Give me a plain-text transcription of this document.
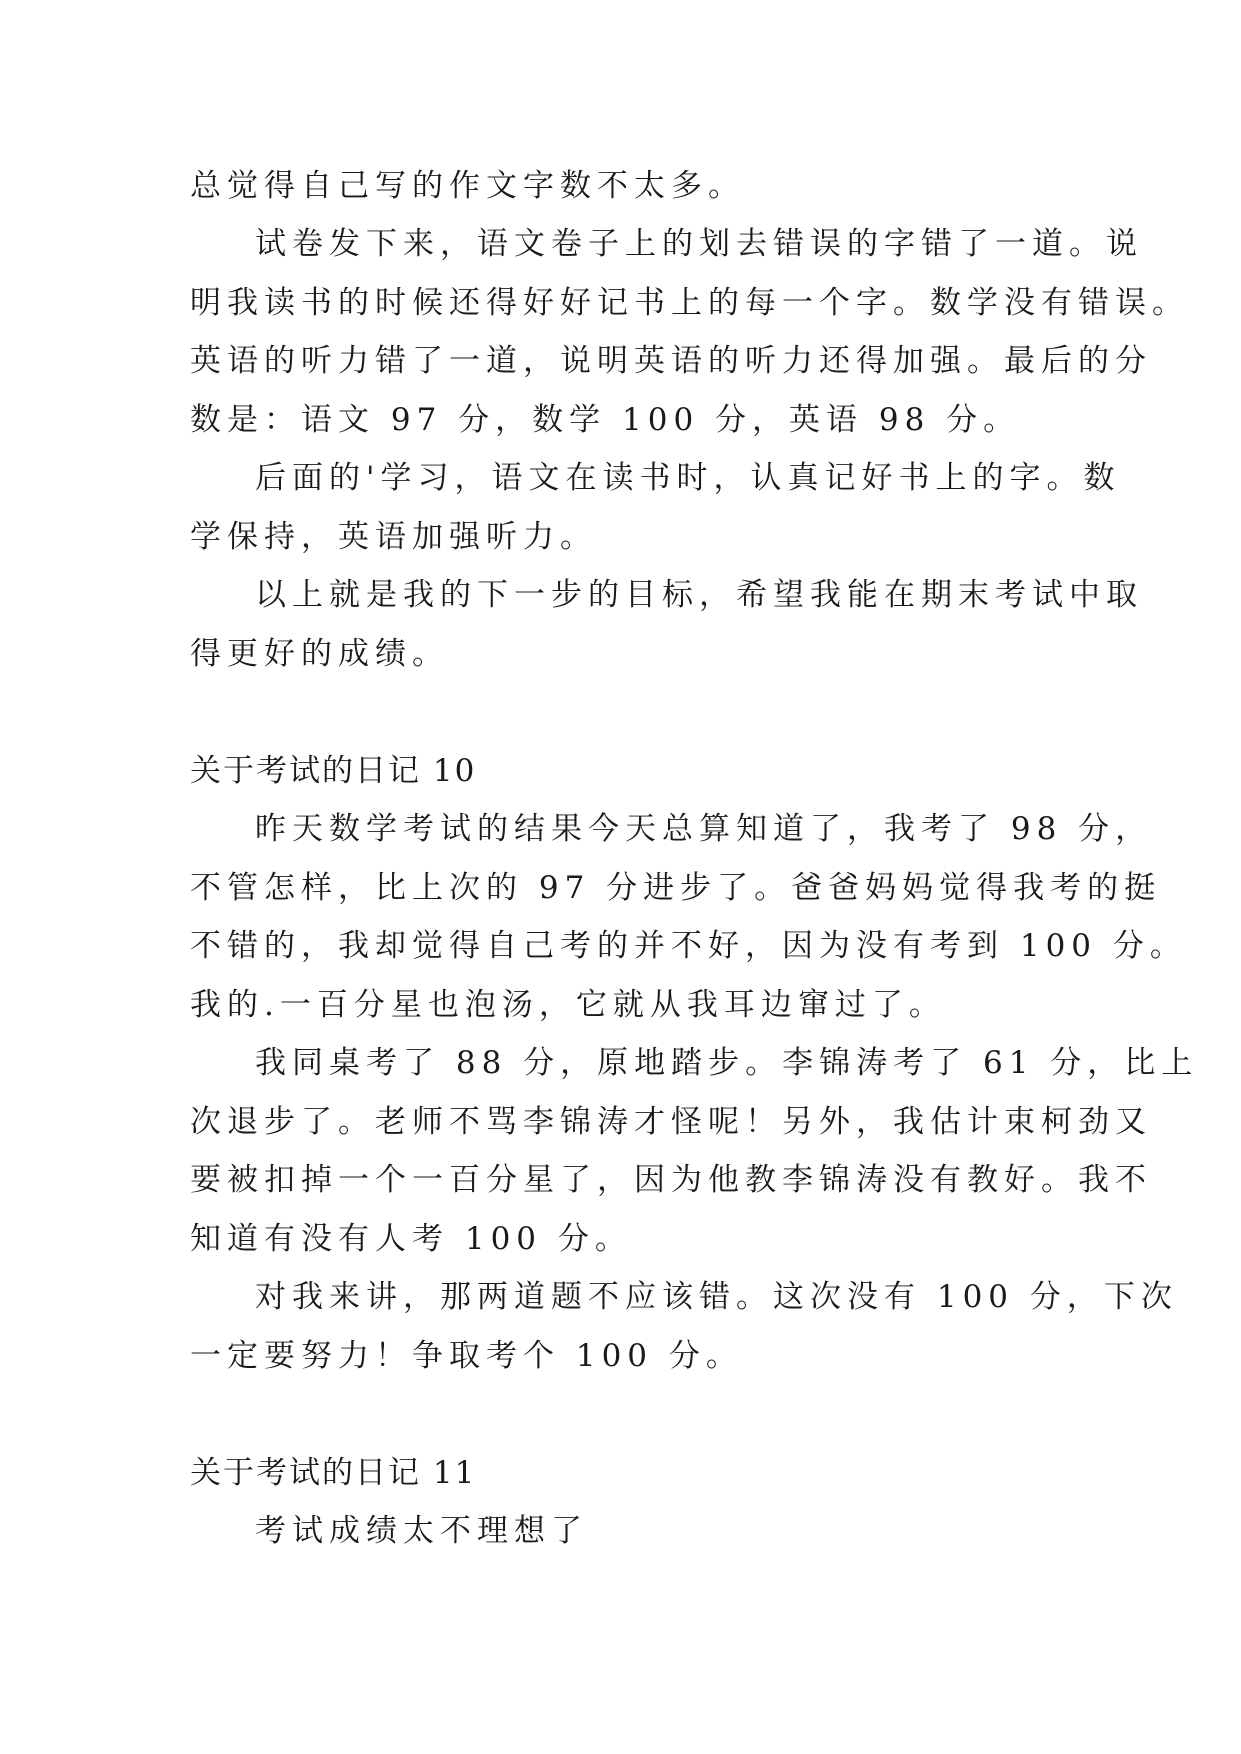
总觉得自己写的作文字数不太多。
试卷发下来，语文卷子上的划去错误的字错了一道。说
明我读书的时候还得好好记书上的每一个字。数学没有错误。
英语的听力错了一道，说明英语的听力还得加强。最后的分
数是：语文 97 分，数学 100 分，英语 98 分。
后面的'学习，语文在读书时，认真记好书上的字。数
学保持，英语加强听力。
以上就是我的下一步的目标，希望我能在期末考试中取
得更好的成绩。
关于考试的日记 10
昨天数学考试的结果今天总算知道了，我考了 98 分，
不管怎样，比上次的 97 分进步了。爸爸妈妈觉得我考的挺
不错的，我却觉得自己考的并不好，因为没有考到 100 分。
我的.一百分星也泡汤，它就从我耳边窜过了。
我同桌考了 88 分，原地踏步。李锦涛考了 61 分，比上
次退步了。老师不骂李锦涛才怪呢！另外，我估计束柯劲又
要被扣掉一个一百分星了，因为他教李锦涛没有教好。我不
知道有没有人考 100 分。
对我来讲，那两道题不应该错。这次没有 100 分，下次
一定要努力！争取考个 100 分。
关于考试的日记 11
考试成绩太不理想了
